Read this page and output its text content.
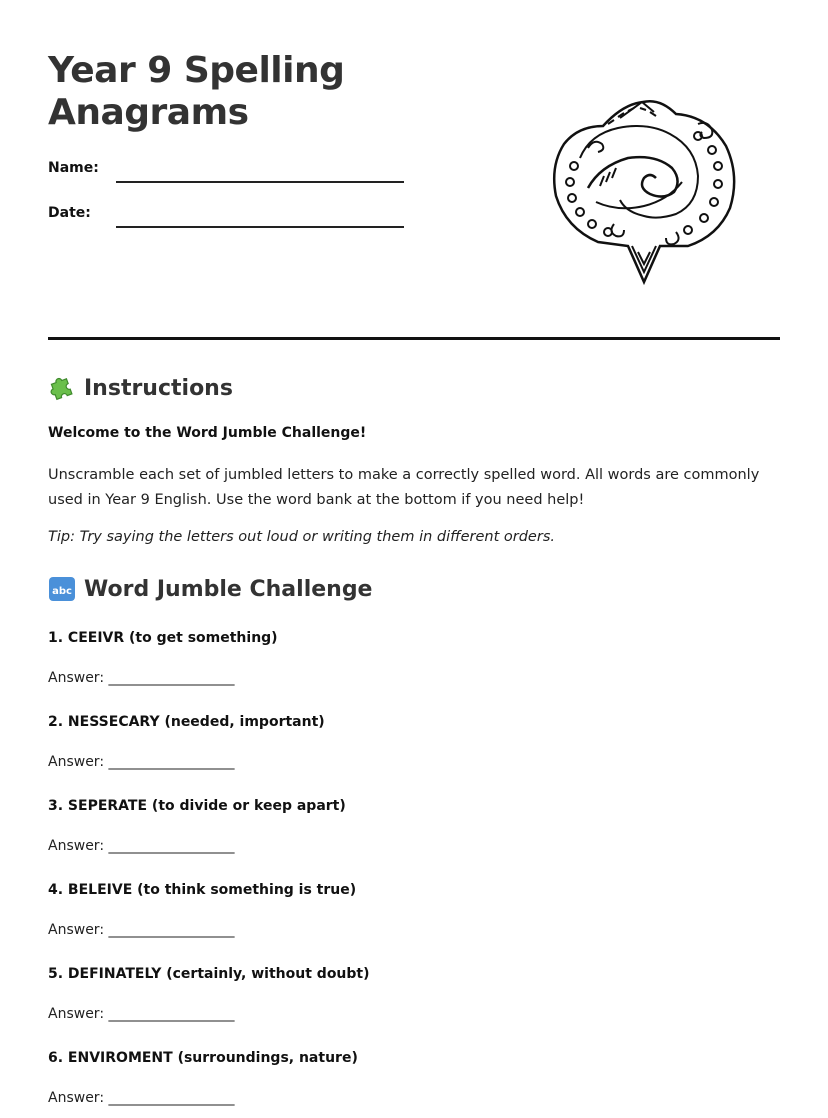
Year 9 Spelling Anagrams
Name:
Date:
Instructions
Welcome to the Word Jumble Challenge!
Unscramble each set of jumbled letters to make a correctly spelled word. All words are commonly used in Year 9 English. Use the word bank at the bottom if you need help!
Tip: Try saying the letters out loud or writing them in different orders.
abc Word Jumble Challenge
1. CEEIVR (to get something)
Answer: __________________
2. NESSECARY (needed, important)
Answer: __________________
3. SEPERATE (to divide or keep apart)
Answer: __________________
4. BELEIVE (to think something is true)
Answer: __________________
5. DEFINATELY (certainly, without doubt)
Answer: __________________
6. ENVIROMENT (surroundings, nature)
Answer: __________________
